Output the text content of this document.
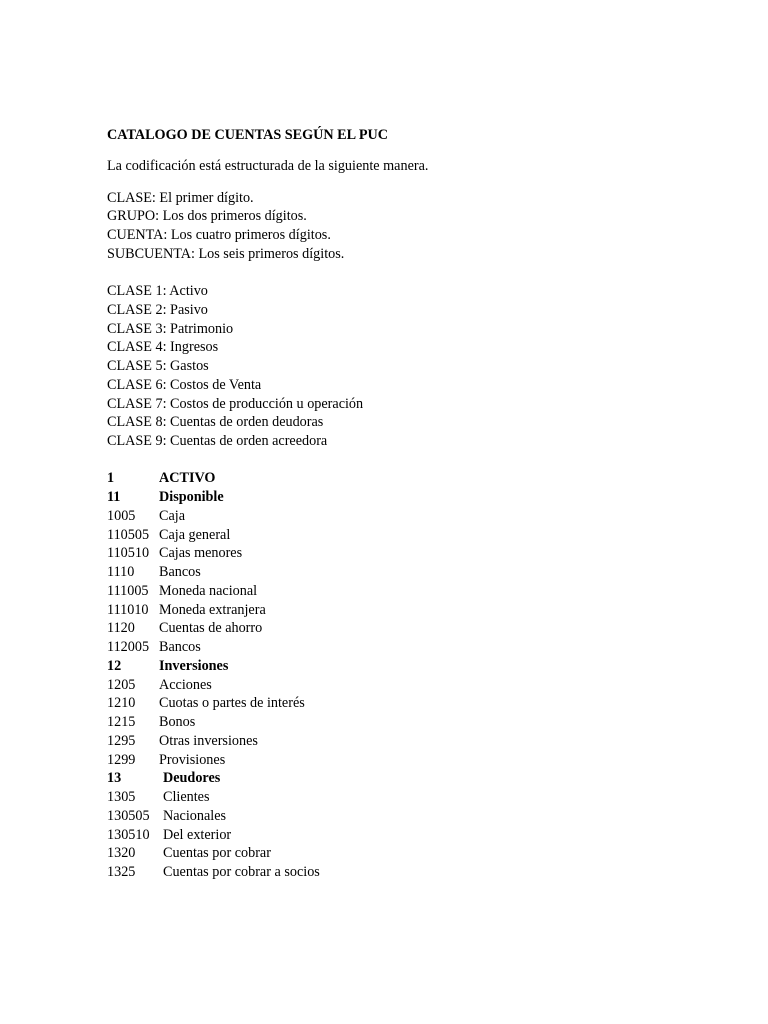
CATALOGO DE CUENTAS SEGÚN EL PUC
La codificación está estructurada de la siguiente manera.
CLASE: El primer dígito.
GRUPO: Los dos primeros dígitos.
CUENTA: Los cuatro primeros dígitos.
SUBCUENTA: Los seis primeros dígitos.
CLASE 1: Activo
CLASE 2: Pasivo
CLASE 3: Patrimonio
CLASE 4: Ingresos
CLASE 5: Gastos
CLASE 6: Costos de Venta
CLASE 7: Costos de producción u operación
CLASE 8: Cuentas de orden deudoras
CLASE 9: Cuentas de orden acreedora
1	ACTIVO
11	Disponible
1005 Caja
110505 Caja general
110510 Cajas menores
1110 Bancos
111005 Moneda nacional
111010 Moneda extranjera
1120 Cuentas de ahorro
112005 Bancos
12	Inversiones
1205 Acciones
1210 Cuotas o partes de interés
1215 Bonos
1295 Otras inversiones
1299 Provisiones
13	Deudores
1305 Clientes
130505 Nacionales
130510 Del exterior
1320 Cuentas por cobrar
1325 Cuentas por cobrar a socios
